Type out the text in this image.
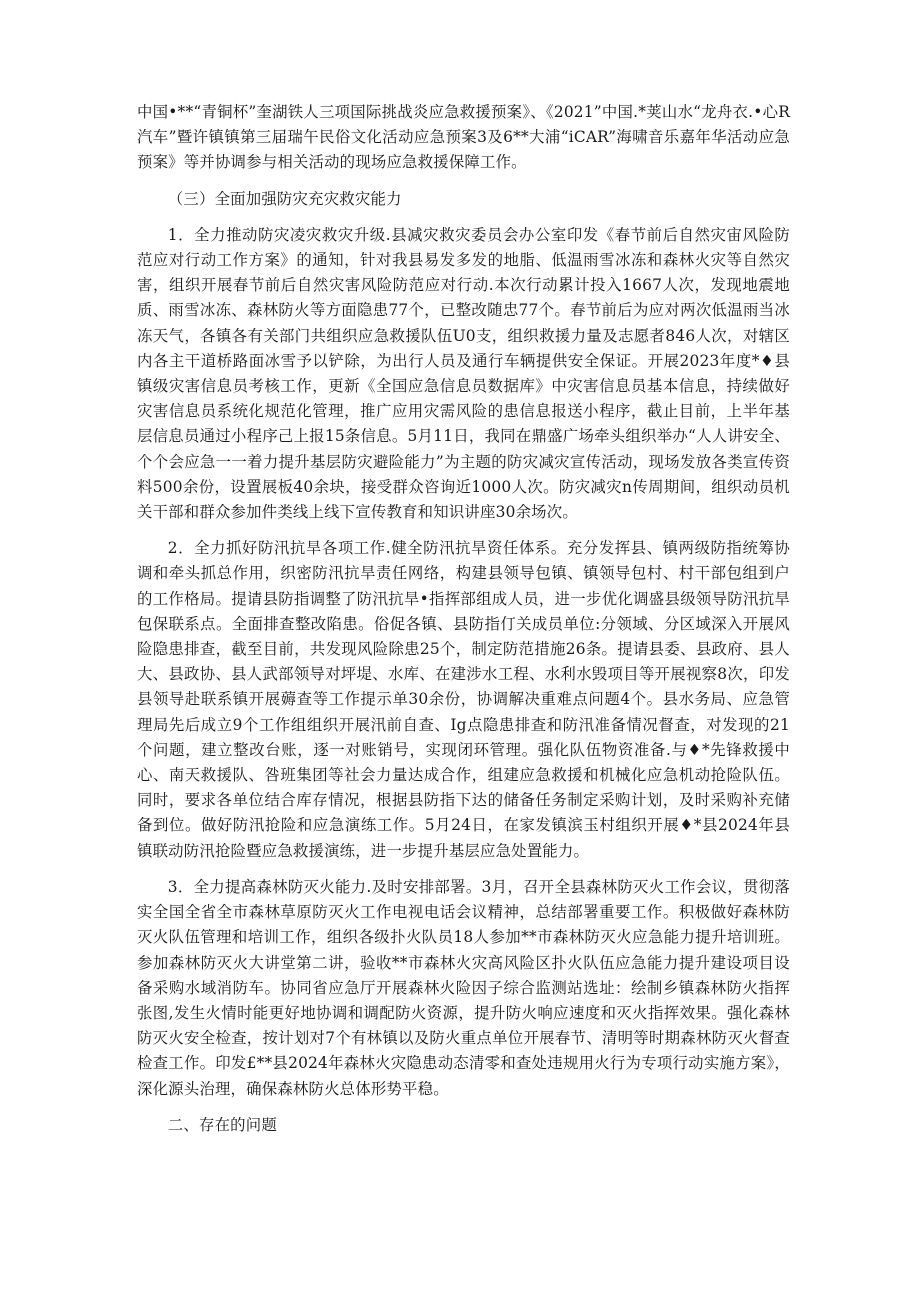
中国•**“青铜杯”奎湖铁人三项国际挑战炎应急救援预案》、《2021”中国.*荚山水“龙舟衣.•心R汽车”暨许镇镇第三届瑞午民俗文化活动应急预案3及6**大浦“iCAR”海啸音乐嘉年华活动应急预案》等并协调参与相关活动的现场应急救援保障工作。

（三）全面加强防灾充灾救灾能力

1．全力推动防灾凌灾救灾升级.县减灾救灾委员会办公室印发《春节前后自然灾宙风险防范应对行动工作方案》的通知，针对我县易发多发的地脂、低温雨雪冰冻和森林火灾等自然灾害，组织开展春节前后自然灾害风险防范应对行动.本次行动累计投入1667人次，发现地震地质、雨雪冰冻、森林防火等方面隐患77个，已整改随忠77个。春节前后为应对两次低温雨当冰冻天气，各镇各有关部门共组织应急救援队伍U0支，组织救援力量及志愿者846人次，对辖区内各主干道桥路面冰雪予以铲除，为出行人员及通行车辆提供安全保证。开展2023年度*♦县镇级灾害信息员考核工作，更新《全国应急信息员数据库》中灾害信息员基本信息，持续做好灾害信息员系统化规范化管理，推广应用灾需风险的患信息报送小程序，截止目前，上半年基层信息员通过小程序己上报15条信息。5月11日，我同在鼎盛广场牵头组织举办“人人讲安全、个个会应急一一着力提升基层防灾避险能力”为主题的防灾减灾宣传活动，现场发放各类宣传资料500余份，设置展板40余块，接受群众咨询近1000人次。防灾减灾n传周期间，组织动员机关干部和群众参加件类线上线下宣传教育和知识讲座30余场次。

2．全力抓好防汛抗旱各项工作.健全防汛抗旱资任体系。充分发挥县、镇两级防指统筹协调和牵头抓总作用，织密防汛抗旱责任网络，构建县领导包镇、镇领导包村、村干部包组到户的工作格局。提请县防指调整了防汛抗旱•指挥部组成人员，进一步优化调盛县级领导防汛抗旱包保联系点。全面排查整改陷患。俗促各镇、县防指仃关成员单位:分领域、分区域深入开展风险隐患排查，截至目前，共发现风险除患25个，制定防范措施26条。提请县委、县政府、县人大、县政协、县人武部领导对坪堤、水库、在建涉水工程、水利水毁项目等开展视察8次，印发县领导赴联系镇开展薅查等工作提示单30余份，协调解决重难点问题4个。县水务局、应急管理局先后成立9个工作组组织开展汛前自查、Ig点隐患排查和防汛准备情况督查，对发现的21个问题，建立整改台账，逐一对账销号，实现闭环管理。强化队伍物资准备.与♦*先锋救援中心、南天救援队、咎班集团等社会力量达成合作，组建应急救援和机械化应急机动抢险队伍。同时，要求各单位结合库存情况，根据县防指下达的储备任务制定采购计划，及时采购补充储备到位。做好防汛抢险和应急演练工作。5月24日，在家发镇滨玉村组织开展♦*县2024年县镇联动防汛抢险暨应急救援演练，进一步提升基层应急处置能力。

3．全力提高森林防灭火能力.及时安排部署。3月，召开全县森林防灭火工作会议，贯彻落实全国全省全市森林草原防灭火工作电视电话会议精神，总结部署重要工作。积极做好森林防灭火队伍管理和培训工作，组织各级扑火队员18人参加**市森林防灭火应急能力提升培训班。参加森林防灭火大讲堂第二讲，验收**市森林火灾高风险区扑火队伍应急能力提升建设项目设备采购水域消防车。协同省应急厅开展森林火险因子综合监测站选址：绘制乡镇森林防火指挥张图,发生火情时能更好地协调和调配防火资源，提升防火响应速度和灭火指挥效果。强化森林防灭火安全检查，按计划对7个有林镇以及防火重点单位开展春节、清明等时期森林防灭火督查检查工作。印发£**县2024年森林火灾隐患动态清零和查处违规用火行为专项行动实施方案》，深化源头治理，确保森林防火总体形势平稳。

二、存在的问题
